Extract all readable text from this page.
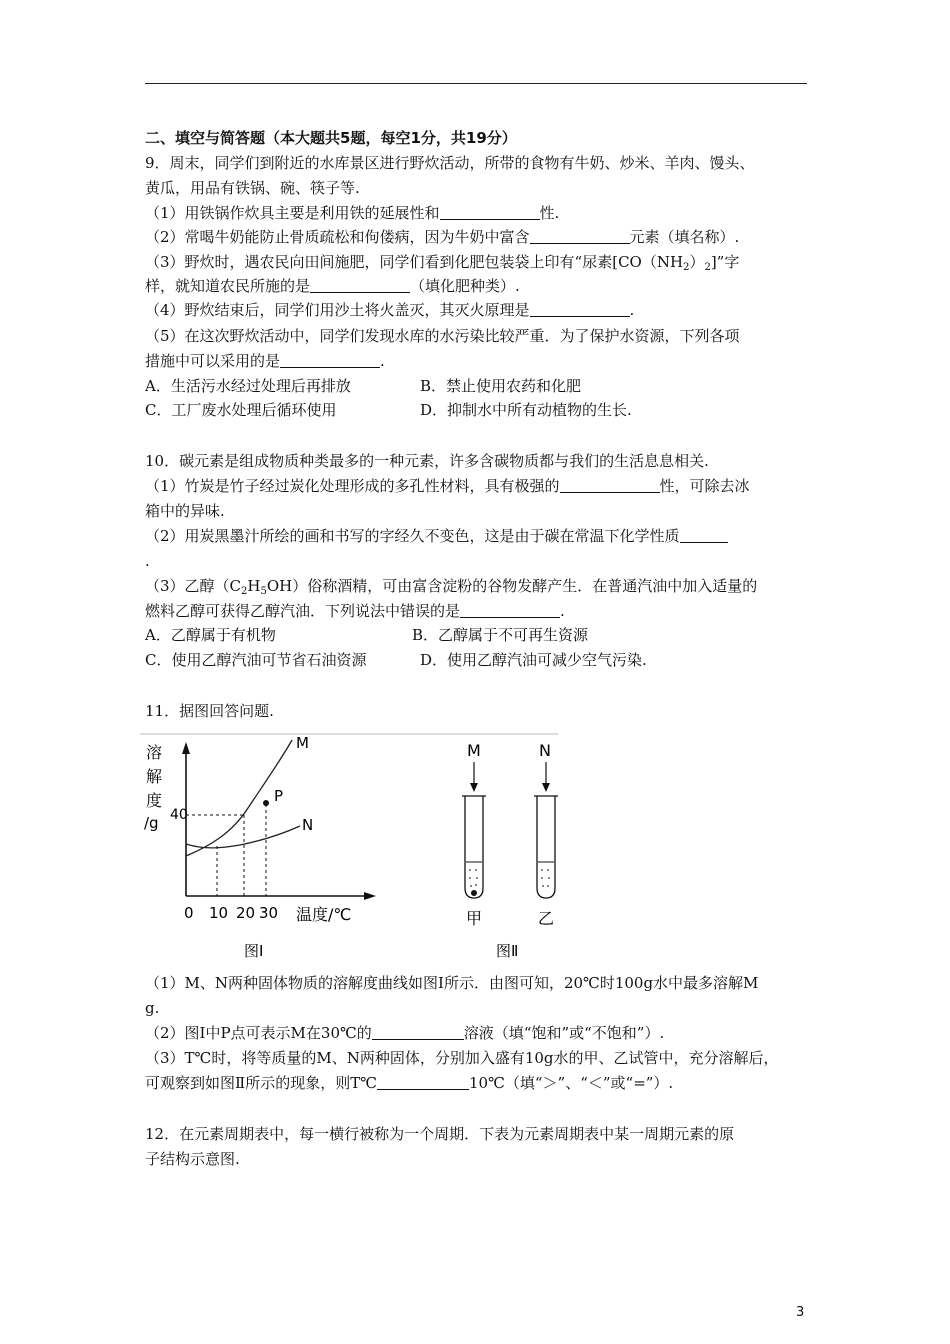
二、填空与简答题（本大题共5题，每空1分，共19分）
9．周末，同学们到附近的水库景区进行野炊活动，所带的食物有牛奶、炒米、羊肉、馒头、
黄瓜，用品有铁锅、碗、筷子等.
（1）用铁锅作炊具主要是利用铁的延展性和	性.
（2）常喝牛奶能防止骨质疏松和佝偻病，因为牛奶中富含	元素（填名称）.
（3）野炊时，遇农民向田间施肥，同学们看到化肥包装袋上印有“尿素$[CO(NH_2)_2]$”字
样，就知道农民所施的是	（填化肥种类）.
（4）野炊结束后，同学们用沙土将火盖灭，其灭火原理是	.
（5）在这次野炊活动中，同学们发现水库的水污染比较严重．为了保护水资源，下列各项
措施中可以采用的是	.
A．生活污水经过处理后再排放	B．禁止使用农药和化肥
C．工厂废水处理后循环使用	D．抑制水中所有动植物的生长.
10．碳元素是组成物质种类最多的一种元素，许多含碳物质都与我们的生活息息相关.
（1）竹炭是竹子经过炭化处理形成的多孔性材料，具有极强的	性，可除去冰
箱中的异味.
（2）用炭黑墨汁所绘的画和书写的字经久不变色，这是由于碳在常温下化学性质
.
（3）乙醇$(C_2H_5OH)$俗称酒精，可由富含淀粉的谷物发酵产生．在普通汽油中加入适量的
燃料乙醇可获得乙醇汽油．下列说法中错误的是	.
A．乙醇属于有机物	B．乙醇属于不可再生资源
C．使用乙醇汽油可节省石油资源	D．使用乙醇汽油可减少空气污染.
11．据图回答问题.
溶
解
度
/g 40
P
M
N
0 10 20 30 温度/℃
图Ⅰ
M	N
甲	乙
图Ⅱ
（1）M、N两种固体物质的溶解度曲线如图Ⅰ所示．由图可知，20℃时100g水中最多溶解M
g.
（2）图Ⅰ中P点可表示M在30℃的	溶液（填“饱和”或“不饱和”）.
（3）T℃时，将等质量的M、N两种固体，分别加入盛有10g水的甲、乙试管中，充分溶解后，
可观察到如图Ⅱ所示的现象，则T℃	10℃（填“＞”、“＜”或“=”）.
12．在元素周期表中，每一横行被称为一个周期．下表为元素周期表中某一周期元素的原
子结构示意图.
3
